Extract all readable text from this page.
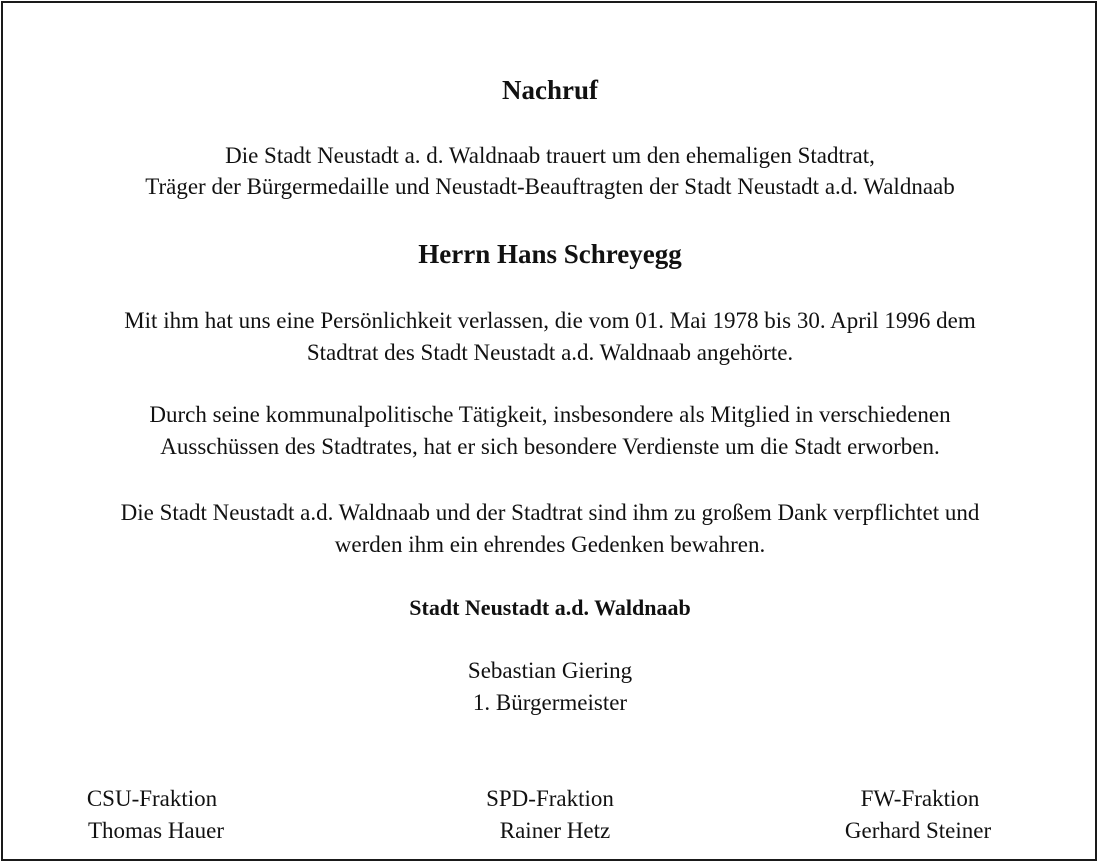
Nachruf
Die Stadt Neustadt a. d. Waldnaab trauert um den ehemaligen Stadtrat,
Träger der Bürgermedaille und Neustadt-Beauftragten der Stadt Neustadt a.d. Waldnaab
Herrn Hans Schreyegg
Mit ihm hat uns eine Persönlichkeit verlassen, die vom 01. Mai 1978 bis 30. April 1996 dem
Stadtrat des Stadt Neustadt a.d. Waldnaab angehörte.
Durch seine kommunalpolitische Tätigkeit, insbesondere als Mitglied in verschiedenen
Ausschüssen des Stadtrates, hat er sich besondere Verdienste um die Stadt erworben.
Die Stadt Neustadt a.d. Waldnaab und der Stadtrat sind ihm zu großem Dank verpflichtet und
werden ihm ein ehrendes Gedenken bewahren.
Stadt Neustadt a.d. Waldnaab
Sebastian Giering
1. Bürgermeister
CSU-Fraktion
Thomas Hauer
SPD-Fraktion
Rainer Hetz
FW-Fraktion
Gerhard Steiner
